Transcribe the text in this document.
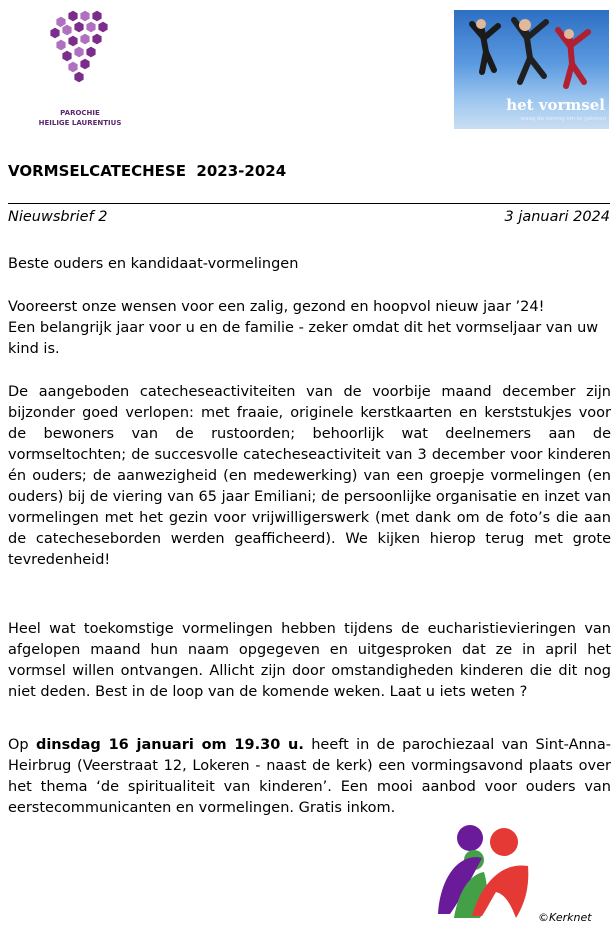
PAROCHIE
HEILIGE LAURENTIUS
het vormsel
waag de sprong om te geloven
VORMSELCATECHESE  2023-2024
Nieuwsbrief 2	3 januari 2024
Beste ouders en kandidaat-vormelingen
Vooreerst onze wensen voor een zalig, gezond en hoopvol nieuw jaar ’24!
Een belangrijk jaar voor u en de familie - zeker omdat dit het vormseljaar van uw kind is.
De aangeboden catecheseactiviteiten van de voorbije maand december zijn bijzonder goed verlopen: met fraaie, originele kerstkaarten en kerststukjes voor de bewoners van de rustoorden; behoorlijk wat deelnemers aan de vormseltochten; de succesvolle catecheseactiviteit van 3 december voor kinderen én ouders; de aanwezigheid (en medewerking) van een groepje vormelingen (en ouders) bij de viering van 65 jaar Emiliani; de persoonlijke organisatie en inzet van vormelingen met het gezin voor vrijwilligerswerk (met dank om de foto’s die aan de catecheseborden werden geafficheerd). We kijken hierop terug met grote tevredenheid!
Heel wat toekomstige vormelingen hebben tijdens de eucharistievieringen van afgelopen maand hun naam opgegeven en uitgesproken dat ze in april het vormsel willen ontvangen. Allicht zijn door omstandigheden kinderen die dit nog niet deden. Best in de loop van de komende weken. Laat u iets weten ?
Op dinsdag 16 januari om 19.30 u. heeft in de parochiezaal van Sint-Anna-Heirbrug (Veerstraat 12, Lokeren - naast de kerk) een vormingsavond plaats over het thema ‘de spiritualiteit van kinderen’. Een mooi aanbod voor ouders van eerstecommunicanten en vormelingen. Gratis inkom.
©Kerknet
